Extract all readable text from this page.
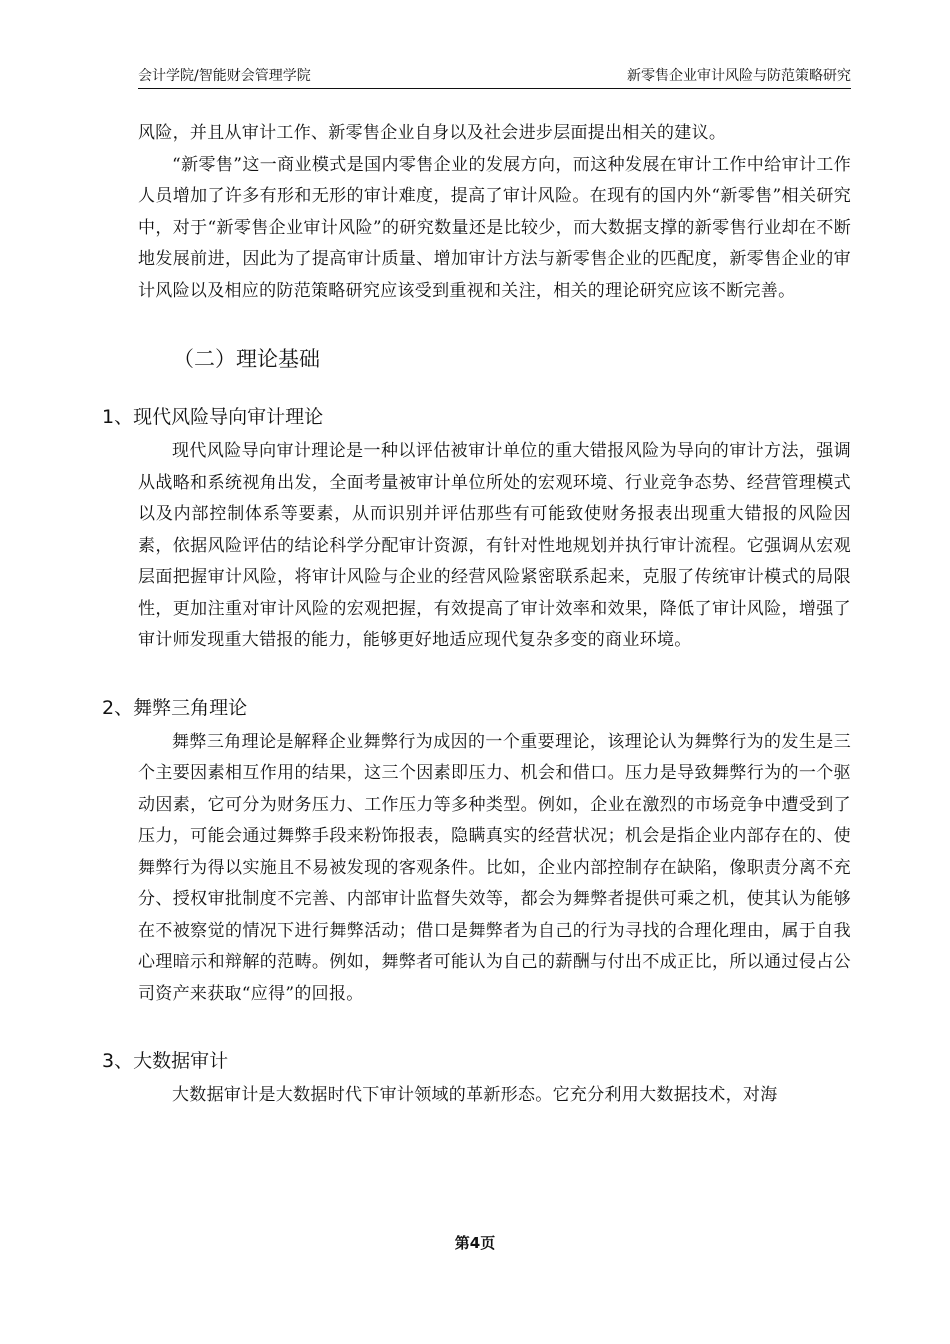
会计学院/智能财会管理学院	新零售企业审计风险与防范策略研究

风险，并且从审计工作、新零售企业自身以及社会进步层面提出相关的建议。

“新零售”这一商业模式是国内零售企业的发展方向，而这种发展在审计工作中给审计工作人员增加了许多有形和无形的审计难度，提高了审计风险。在现有的国内外“新零售”相关研究中，对于“新零售企业审计风险”的研究数量还是比较少，而大数据支撑的新零售行业却在不断地发展前进，因此为了提高审计质量、增加审计方法与新零售企业的匹配度，新零售企业的审计风险以及相应的防范策略研究应该受到重视和关注，相关的理论研究应该不断完善。

（二）理论基础
1、现代风险导向审计理论

现代风险导向审计理论是一种以评估被审计单位的重大错报风险为导向的审计方法，强调从战略和系统视角出发，全面考量被审计单位所处的宏观环境、行业竞争态势、经营管理模式以及内部控制体系等要素，从而识别并评估那些有可能致使财务报表出现重大错报的风险因素，依据风险评估的结论科学分配审计资源，有针对性地规划并执行审计流程。它强调从宏观层面把握审计风险，将审计风险与企业的经营风险紧密联系起来，克服了传统审计模式的局限性，更加注重对审计风险的宏观把握，有效提高了审计效率和效果，降低了审计风险，增强了审计师发现重大错报的能力，能够更好地适应现代复杂多变的商业环境。

2、舞弊三角理论

舞弊三角理论是解释企业舞弊行为成因的一个重要理论，该理论认为舞弊行为的发生是三个主要因素相互作用的结果，这三个因素即压力、机会和借口。压力是导致舞弊行为的一个驱动因素，它可分为财务压力、工作压力等多种类型。例如，企业在激烈的市场竞争中遭受到了压力，可能会通过舞弊手段来粉饰报表，隐瞒真实的经营状况；机会是指企业内部存在的、使舞弊行为得以实施且不易被发现的客观条件。比如，企业内部控制存在缺陷，像职责分离不充分、授权审批制度不完善、内部审计监督失效等，都会为舞弊者提供可乘之机，使其认为能够在不被察觉的情况下进行舞弊活动；借口是舞弊者为自己的行为寻找的合理化理由，属于自我心理暗示和辩解的范畴。例如，舞弊者可能认为自己的薪酬与付出不成正比，所以通过侵占公司资产来获取“应得”的回报。

3、大数据审计

大数据审计是大数据时代下审计领域的革新形态。它充分利用大数据技术，对海

第4页
